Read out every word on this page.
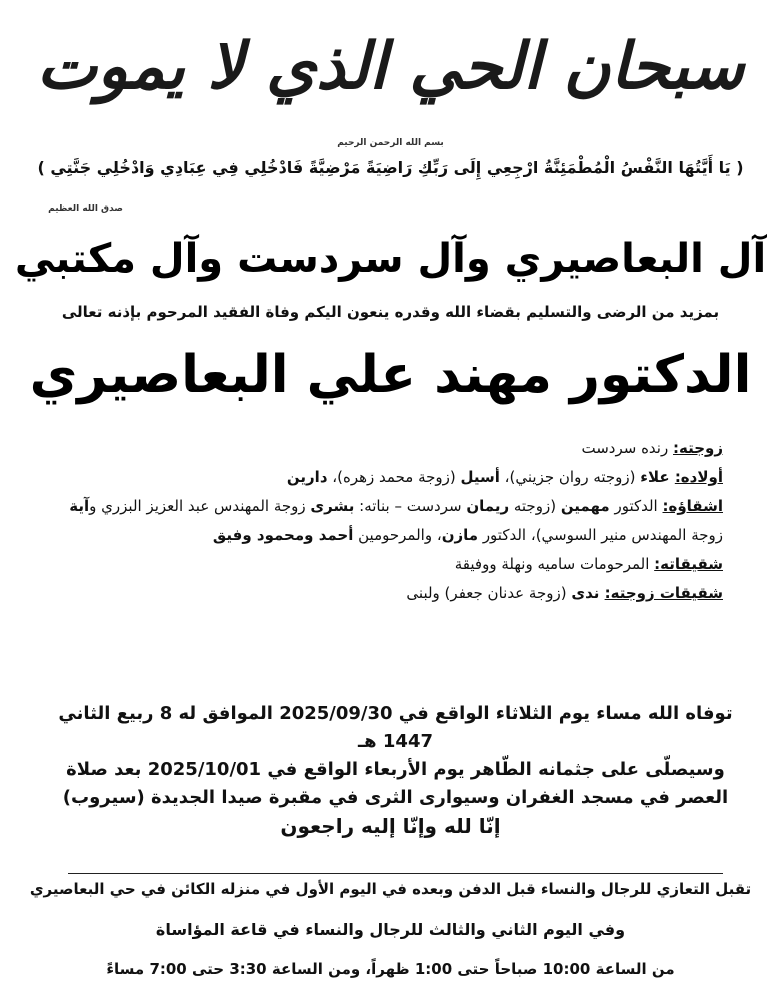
سبحان الحي الذي لا يموت
بسم الله الرحمن الرحيم
( يَا أَيَّتُهَا النَّفْسُ الْمُطْمَئِنَّةُ ارْجِعِي إِلَى رَبِّكِ رَاضِيَةً مَرْضِيَّةً فَادْخُلِي فِي عِبَادِي وَادْخُلِي جَنَّتِي )
صدق الله العظيم
آل البعاصيري وآل سردست وآل مكتبي
بمزيد من الرضى والتسليم بقضاء الله وقدره ينعون اليكم وفاة الفقيد المرحوم بإذنه تعالى
الدكتور مهند علي البعاصيري
زوجته: رنده سردست
أولاده: علاء (زوجته روان جزيني)، أسيل (زوجة محمد زهره)، دارين
اشقاؤه: الدكتور مهمين (زوجته ريمان سردست – بناته: بشرى زوجة المهندس عبد العزيز البزري وآية زوجة المهندس منير السوسي)، الدكتور مازن، والمرحومين أحمد ومحمود وفيق
شقيقاته: المرحومات ساميه ونهلة ووفيقة
شقيقات زوجته: ندى (زوجة عدنان جعفر) ولبنى
توفاه الله مساء يوم الثلاثاء الواقع في 2025/09/30 الموافق له 8 ربيع الثاني 1447 هـ
وسيصلّى على جثمانه الطّاهر يوم الأربعاء الواقع في 2025/10/01 بعد صلاة
العصر في مسجد الغفران وسيوارى الثرى في مقبرة صيدا الجديدة (سيروب)
إنّا لله وإنّا إليه راجعون
تقبل التعازي للرجال والنساء قبل الدفن وبعده في اليوم الأول في منزله الكائن في حي البعاصيري
وفي اليوم الثاني والثالث للرجال والنساء في قاعة المؤاساة
من الساعة 10:00 صباحاً حتى 1:00 ظهراً، ومن الساعة 3:30 حتى 7:00 مساءً
